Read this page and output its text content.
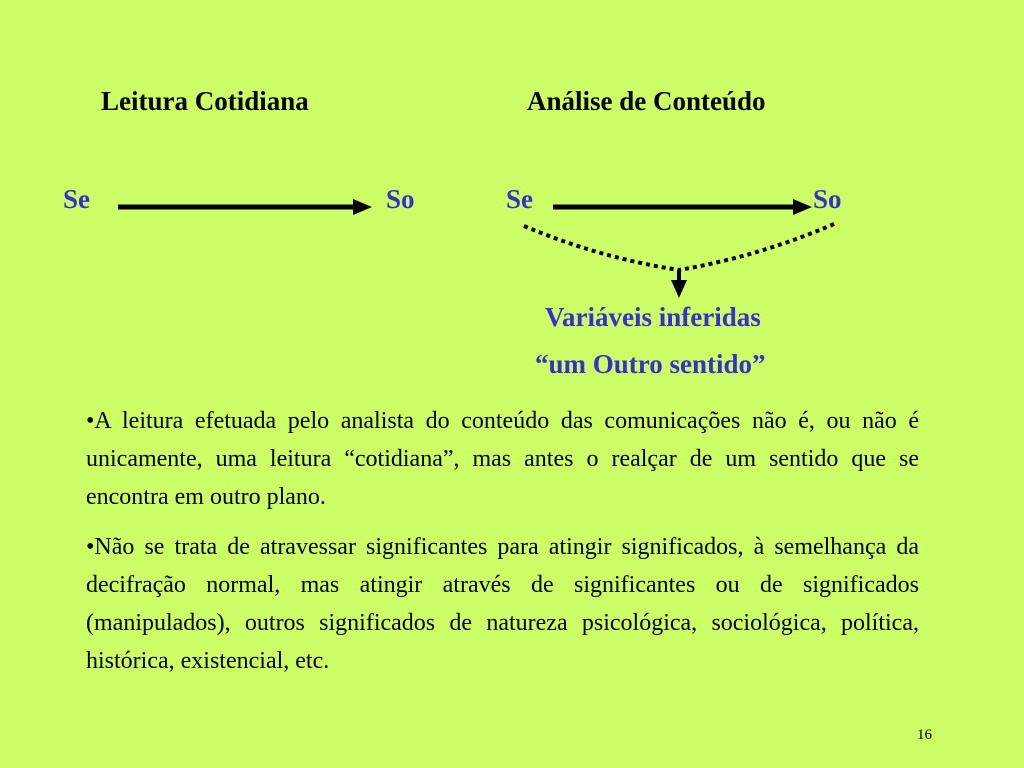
Leitura Cotidiana	Análise de Conteúdo
Se	So	Se	So
Variáveis inferidas
“um Outro sentido”

•A leitura efetuada pelo analista do conteúdo das comunicações não é, ou não é unicamente, uma leitura “cotidiana”, mas antes o realçar de um sentido que se encontra em outro plano.

•Não se trata de atravessar significantes para atingir significados, à semelhança da decifração normal, mas atingir através de significantes ou de significados (manipulados), outros significados de natureza psicológica, sociológica, política, histórica, existencial, etc.

16
